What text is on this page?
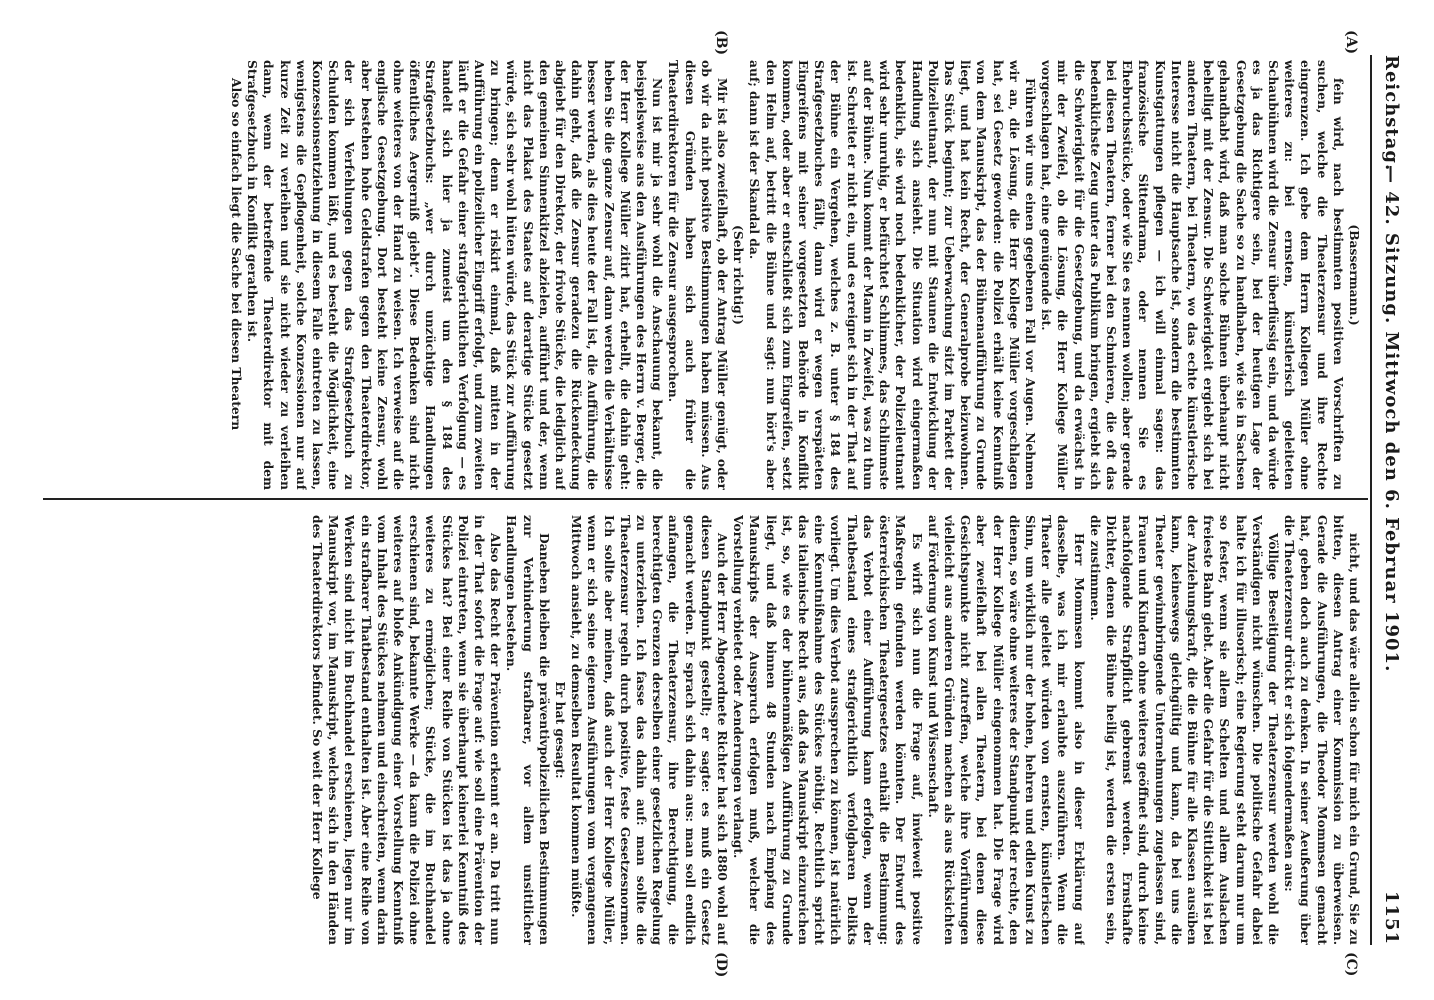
Reichstag.
— 42. Sitzung. Mittwoch den 6. Februar 1901.
1151
(A)
(B)
(C)
(D)

(Bassermann.)

fein wird, nach bestimmten positiven Vorschriften zu suchen, welche die Theaterzensur und ihre Rechte eingrenzen. Ich gebe dem Herrn Kollegen Müller ohne weiteres zu: bei ernsten, künstlerisch geleiteten Schaubühnen wird die Zensur überflüssig sein, und da würde es ja das Richtigere sein, bei der heutigen Lage der Gesetzgebung die Sache so zu handhaben, wie sie in Sachsen gehandhabt wird, daß man solche Bühnen überhaupt nicht behelligt mit der Zensur. Die Schwierigkeit ergiebt sich bei anderen Theatern, bei Theatern, wo das echte künstlerische Interesse nicht die Hauptsache ist, sondern die bestimmten Kunstgattungen pflegen — ich will einmal sagen: das französische Sittendrama, oder nennen Sie es Ehebruchsstücke, oder wie Sie es nennen wollen; aber gerade bei diesen Theatern, ferner bei den Schmieren, die oft das bedenklichste Zeug unter das Publikum bringen, ergiebt sich die Schwierigkeit für die Gesetzgebung, und da erwächst in mir der Zweifel, ob die Lösung, die Herr Kollege Müller vorgeschlagen hat, eine genügende ist.

Führen wir uns einen gegebenen Fall vor Augen. Nehmen wir an, die Lösung, die Herr Kollege Müller vorgeschlagen hat, sei Gesetz geworden: die Polizei erhält keine Kenntniß von dem Manuskript, das der Bühnenaufführung zu Grunde liegt, und hat kein Recht, der Generalprobe beizuwohnen. Das Stück beginnt; zur Ueberwachung sitzt im Parkett der Polizeileutnant, der nun mit Staunen die Entwicklung der Handlung sich ansieht. Die Situation wird eingermaßen bedenklich, sie wird noch bedenklicher, der Polizeileutnant wird sehr unruhig, er befürchtet Schlimmes, das Schlimmste auf der Bühne. Nun kommt der Mann in Zweifel, was zu thun ist. Schreitet er nicht ein, und es ereignet sich in der That auf der Bühne ein Vergehen, welches z. B. unter § 184 des Strafgesetzbuches fällt, dann wird er wegen verspäteten Eingreifens mit seiner vorgesetzten Behörde in Konflikt kommen, oder aber er entschließt sich zum Eingreifen, setzt den Helm auf, betritt die Bühne und sagt: nun hört's aber auf; dann ist der Skandal da.

(Sehr richtig!)

Mir ist also zweifelhaft, ob der Antrag Müller genügt, oder ob wir da nicht positive Bestimmungen haben müssen. Aus diesen Gründen haben sich auch früher die Theaterdirektoren für die Zensur ausgesprochen.

Nun ist mir ja sehr wohl die Anschauung bekannt, die beispielsweise aus den Ausführungen des Herrn v. Berger, die der Herr Kollege Müller zitirt hat, erhellt, die dahin geht: heben Sie die ganze Zensur auf, dann werden die Verhältnisse besser werden, als dies heute der Fall ist, die Aufführung, die dahin geht, daß die Zensur geradezu die Rückendeckung abgiebt für den Direktor, der frivole Stücke, die lediglich auf den gemeinen Sinnenkitzel abzielen, aufführt und der, wenn nicht das Plakat des Staates auf derartige Stücke gesetzt würde, sich sehr wohl hüten würde, das Stück zur Aufführung zu bringen; denn er riskirt einmal, daß mitten in der Aufführung ein polizeilicher Eingriff erfolgt, und zum zweiten läuft er die Gefahr einer strafgerichtlichen Verfolgung — es handelt sich hier ja zumeist um den § 184 des Strafgesetzbuchs: „wer durch unzüchtige Handlungen öffentliches Aergerniß giebt“. Diese Bedenken sind nicht ohne weiteres von der Hand zu weisen. Ich verweise auf die englische Gesetzgebung. Dort besteht keine Zensur, wohl aber bestehen hohe Geldstrafen gegen den Theaterdirektor, der sich Verfehlungen gegen das Strafgesetzbuch zu Schulden kommen läßt, und es besteht die Möglichkeit, eine Konzessionsentziehung in diesem Falle eintreten zu lassen, wenigstens die Gepflogenheit, solche Konzessionen nur auf kurze Zeit zu verleihen und sie nicht wieder zu verleihen dann, wenn der betreffende Theaterdirektor mit dem Strafgesetzbuch in Konflikt gerathen ist.

Also so einfach liegt die Sache bei diesen Theatern

nicht, und das wäre allein schon für mich ein Grund, Sie zu bitten, diesen Antrag einer Kommission zu überweisen. Gerade die Ausführungen, die Theodor Mommsen gemacht hat, geben doch auch zu denken. In seiner Aeußerung über die Theaterzensur drückt er sich folgendermaßen aus:

Völlige Beseitigung der Theaterzensur werden wohl die Verständigen nicht wünschen. Die politische Gefahr dabei halte ich für illusorisch; eine Regierung steht darum nur um so fester, wenn sie allem Schelten und allem Auslachen freieste Bahn giebt. Aber die Gefahr für die Sittlichkeit ist bei der Anziehungskraft, die die Bühne für alle Klassen ausüben kann, keineswegs gleichgültig und kann, da bei uns die Theater gewinnbringende Unternehmungen zugelassen sind, Frauen und Kindern ohne weiteres geöffnet sind, durch keine nachfolgende Strafpflicht gebremst werden. Ernsthafte Dichter, denen die Bühne heilig ist, werden die ersten sein, die zustimmen.

Herr Mommsen kommt also in dieser Erklärung auf dasselbe, was ich mir erlaubte auszuführen. Wenn die Theater alle geleitet würden von ernsten, künstlerischen Sinn, um wirklich nur der hohen, hehren und edlen Kunst zu dienen, so wäre ohne weiteres der Standpunkt der rechte, den der Herr Kollege Müller eingenommen hat. Die Frage wird aber zweifelhaft bei allen Theatern, bei denen diese Gesichtspunkte nicht zutreffen, welche ihre Vorführungen vielleicht aus anderen Gründen machen als aus Rücksichten auf Förderung von Kunst und Wissenschaft.

Es wirft sich nun die Frage auf, inwieweit positive Maßregeln gefunden werden könnten. Der Entwurf des österreichischen Theatergesetzes enthält die Bestimmung: das Verbot einer Aufführung kann erfolgen, wenn der Thatbestand eines strafgerichtlich verfolgbaren Delikts vorliegt. Um dies Verbot aussprechen zu können, ist natürlich eine Kenntnißnahme des Stückes nöthig. Rechtlich spricht das italienische Recht aus, daß das Manuskript einzureichen ist, so, wie es der bühnenmäßigen Aufführung zu Grunde liegt, und daß binnen 48 Stunden nach Empfang des Manuskripts der Ausspruch erfolgen muß, welcher die Vorstellung verbietet oder Aenderungen verlangt.

Auch der Herr Abgeordnete Richter hat sich 1880 wohl auf diesen Standpunkt gestellt; er sagte: es muß ein Gesetz gemacht werden. Er sprach sich dahin aus: man soll endlich anfangen, die Theaterzensur, ihre Berechtigung, die berechtigten Grenzen derselben einer gesetzlichen Regelung zu unterziehen. Ich fasse das dahin auf: man sollte die Theaterzensur regeln durch positive, feste Gesetzesnormen. Ich sollte aber meinen, daß auch der Herr Kollege Müller, wenn er sich seine eigenen Ausführungen vom vergangenen Mittwoch ansieht, zu demselben Resultat kommen müßte.

Er hat gesagt:

Daneben bleiben die präventivpolizeilichen Bestimmungen zur Verhinderung strafbarer, vor allem unsittlicher Handlungen bestehen.

Also das Recht der Prävention erkennt er an. Da tritt nun in der That sofort die Frage auf: wie soll eine Prävention der Polizei eintreten, wenn sie überhaupt keinerlei Kenntniß des Stückes hat? Bei einer Reihe von Stücken ist das ja ohne weiteres zu ermöglichen; Stücke, die im Buchhandel erschienen sind, bekannte Werke — da kann die Polizei ohne weiteres auf bloße Ankündigung einer Vorstellung Kenntniß vom Inhalt des Stückes nehmen und einschreiten, wenn darin ein strafbarer Thatbestand enthalten ist. Aber eine Reihe von Werken sind nicht im Buchhandel erschienen, liegen nur im Manuskript vor, im Manuskript, welches sich in den Händen des Theaterdirektors befindet. So weit der Herr Kollege
